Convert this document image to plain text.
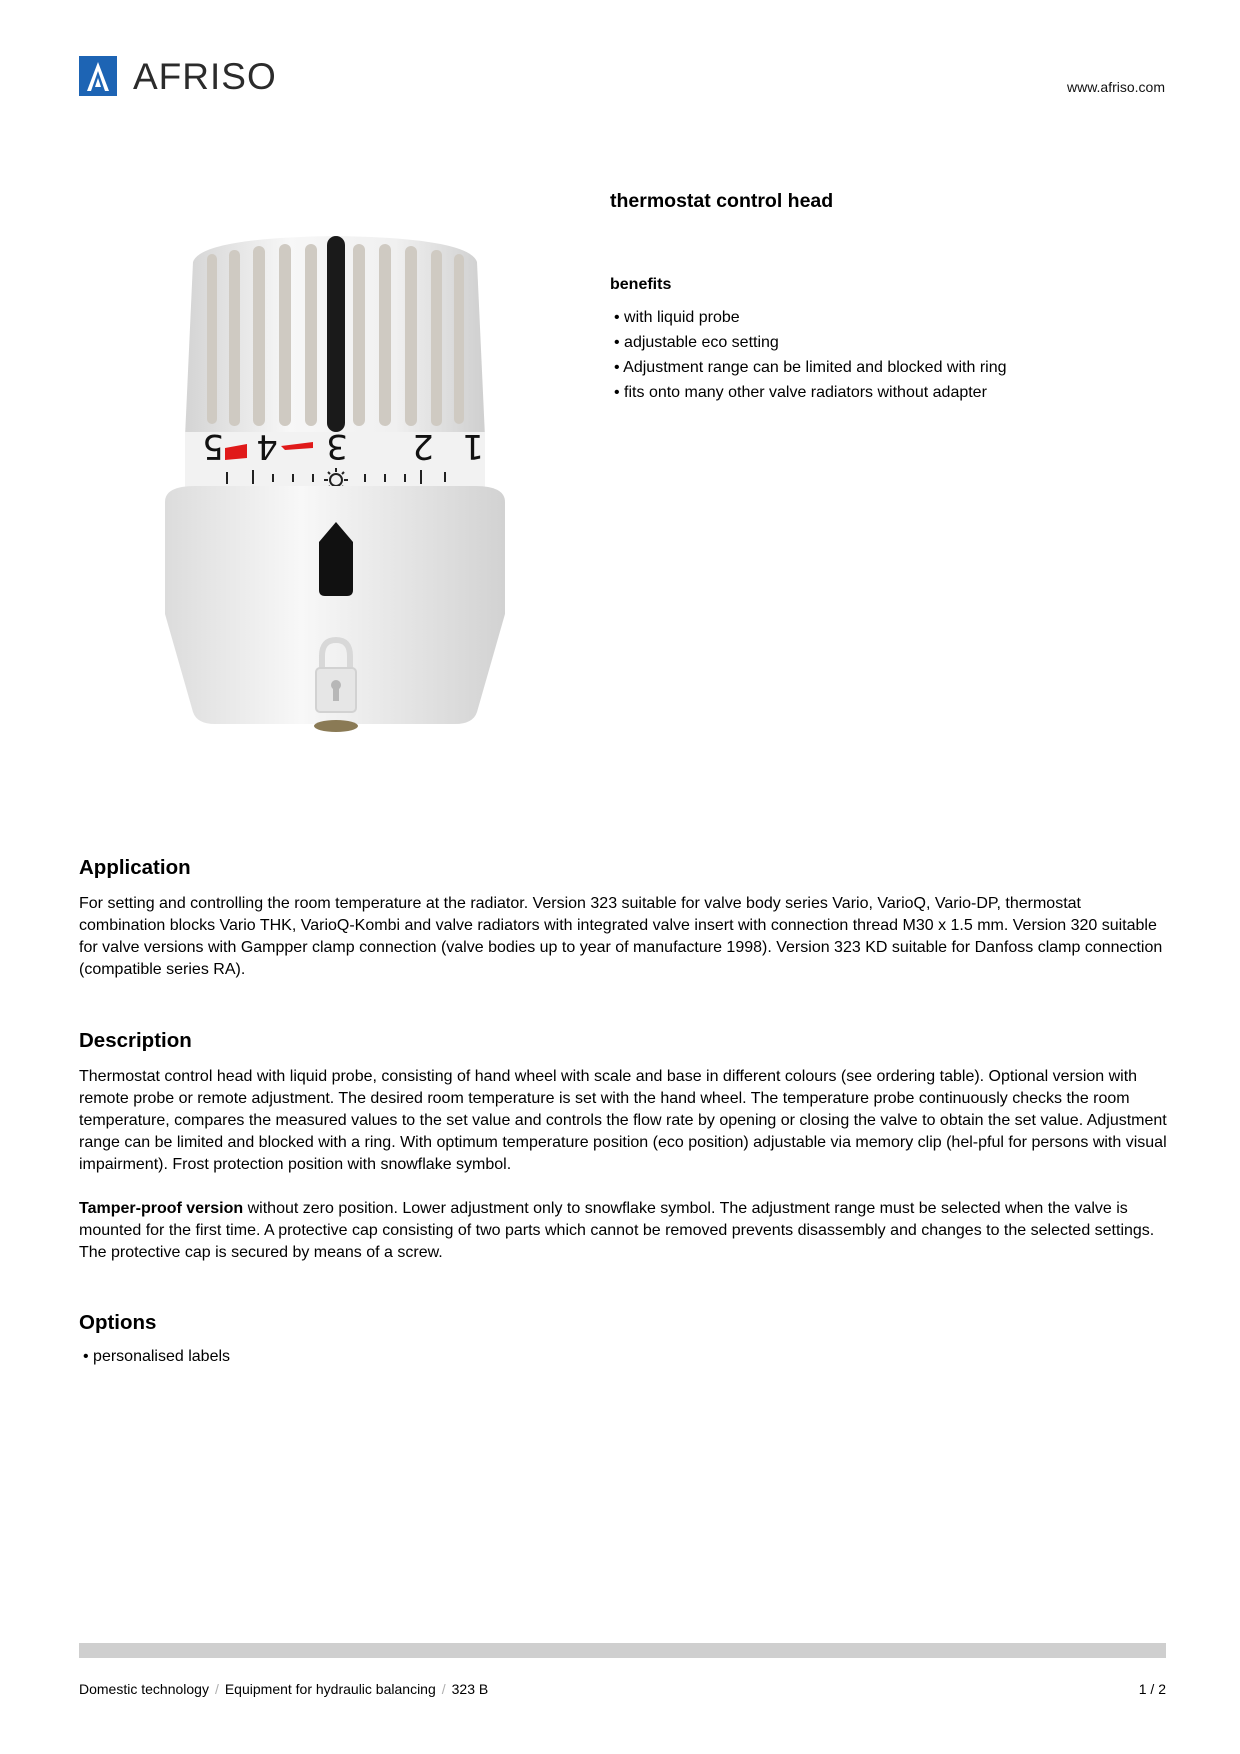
AFRISO	www.afriso.com
5 4 3 2 1
thermostat control head
benefits
• with liquid probe
• adjustable eco setting
• Adjustment range can be limited and blocked with ring
• fits onto many other valve radiators without adapter
Application

For setting and controlling the room temperature at the radiator. Version 323 suitable for valve body series Vario, VarioQ, Vario-DP, thermostat combination blocks Vario THK, VarioQ-Kombi and valve radiators with integrated valve insert with connection thread M30 x 1.5 mm. Version 320 suitable for valve versions with Gampper clamp connection (valve bodies up to year of manufacture 1998). Version 323 KD suitable for Danfoss clamp connection (compatible series RA).

Description

Thermostat control head with liquid probe, consisting of hand wheel with scale and base in different colours (see ordering table). Optional version with remote probe or remote adjustment. The desired room temperature is set with the hand wheel. The temperature probe continuously checks the room temperature, compares the measured values to the set value and controls the flow rate by opening or closing the valve to obtain the set value. Adjustment range can be limited and blocked with a ring. With optimum temperature position (eco position) adjustable via memory clip (hel-pful for persons with visual impairment). Frost protection position with snowflake symbol.

Tamper-proof version without zero position. Lower adjustment only to snowflake symbol. The adjustment range must be selected when the valve is mounted for the first time. A protective cap consisting of two parts which cannot be removed prevents disassembly and changes to the selected settings. The protective cap is secured by means of a screw.

Options
• personalised labels
Domestic technology / Equipment for hydraulic balancing / 323 B	1 / 2
